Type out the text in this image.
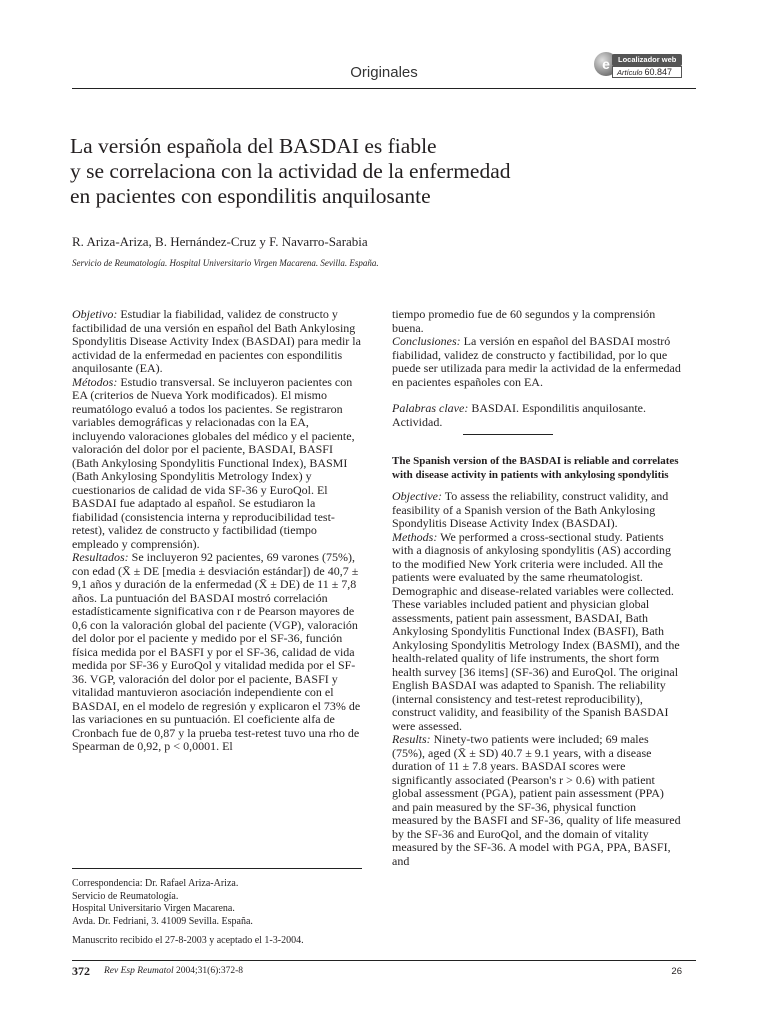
Originales	e	Localizador web
Artículo 60.847
La versión española del BASDAI es fiable
y se correlaciona con la actividad de la enfermedad
en pacientes con espondilitis anquilosante
R. Ariza-Ariza, B. Hernández-Cruz y F. Navarro-Sarabia
Servicio de Reumatología. Hospital Universitario Virgen Macarena. Sevilla. España.

Objetivo: Estudiar la fiabilidad, validez de constructo y factibilidad de una versión en español del Bath Ankylosing Spondylitis Disease Activity Index (BASDAI) para medir la actividad de la enfermedad en pacientes con espondilitis anquilosante (EA).

Métodos: Estudio transversal. Se incluyeron pacientes con EA (criterios de Nueva York modificados). El mismo reumatólogo evaluó a todos los pacientes. Se registraron variables demográficas y relacionadas con la EA, incluyendo valoraciones globales del médico y el paciente, valoración del dolor por el paciente, BASDAI, BASFI (Bath Ankylosing Spondylitis Functional Index), BASMI (Bath Ankylosing Spondylitis Metrology Index) y cuestionarios de calidad de vida SF-36 y EuroQol. El BASDAI fue adaptado al español. Se estudiaron la fiabilidad (consistencia interna y reproducibilidad test-retest), validez de constructo y factibilidad (tiempo empleado y comprensión).

Resultados: Se incluyeron 92 pacientes, 69 varones (75%), con edad (X̄ ± DE [media ± desviación estándar]) de 40,7 ± 9,1 años y duración de la enfermedad (X̄ ± DE) de 11 ± 7,8 años. La puntuación del BASDAI mostró correlación estadísticamente significativa con r de Pearson mayores de 0,6 con la valoración global del paciente (VGP), valoración del dolor por el paciente y medido por el SF-36, función física medida por el BASFI y por el SF-36, calidad de vida medida por SF-36 y EuroQol y vitalidad medida por el SF-36. VGP, valoración del dolor por el paciente, BASFI y vitalidad mantuvieron asociación independiente con el BASDAI, en el modelo de regresión y explicaron el 73% de las variaciones en su puntuación. El coeficiente alfa de Cronbach fue de 0,87 y la prueba test-retest tuvo una rho de Spearman de 0,92, p < 0,0001. El

tiempo promedio fue de 60 segundos y la comprensión buena.

Conclusiones: La versión en español del BASDAI mostró fiabilidad, validez de constructo y factibilidad, por lo que puede ser utilizada para medir la actividad de la enfermedad en pacientes españoles con EA.

Palabras clave: BASDAI. Espondilitis anquilosante. Actividad.

The Spanish version of the BASDAI is reliable and correlates with disease activity in patients with ankylosing spondylitis

Objective: To assess the reliability, construct validity, and feasibility of a Spanish version of the Bath Ankylosing Spondylitis Disease Activity Index (BASDAI).

Methods: We performed a cross-sectional study. Patients with a diagnosis of ankylosing spondylitis (AS) according to the modified New York criteria were included. All the patients were evaluated by the same rheumatologist. Demographic and disease-related variables were collected. These variables included patient and physician global assessments, patient pain assessment, BASDAI, Bath Ankylosing Spondylitis Functional Index (BASFI), Bath Ankylosing Spondylitis Metrology Index (BASMI), and the health-related quality of life instruments, the short form health survey [36 items] (SF-36) and EuroQol. The original English BASDAI was adapted to Spanish. The reliability (internal consistency and test-retest reproducibility), construct validity, and feasibility of the Spanish BASDAI were assessed.

Results: Ninety-two patients were included; 69 males (75%), aged (X̄ ± SD) 40.7 ± 9.1 years, with a disease duration of 11 ± 7.8 years. BASDAI scores were significantly associated (Pearson's r > 0.6) with patient global assessment (PGA), patient pain assessment (PPA) and pain measured by the SF-36, physical function measured by the BASFI and SF-36, quality of life measured by the SF-36 and EuroQol, and the domain of vitality measured by the SF-36. A model with PGA, PPA, BASFI, and

Correspondencia: Dr. Rafael Ariza-Ariza.
Servicio de Reumatología.
Hospital Universitario Virgen Macarena.
Avda. Dr. Fedriani, 3. 41009 Sevilla. España.
Manuscrito recibido el 27-8-2003 y aceptado el 1-3-2004.
372 Rev Esp Reumatol 2004;31(6):372-8	26
